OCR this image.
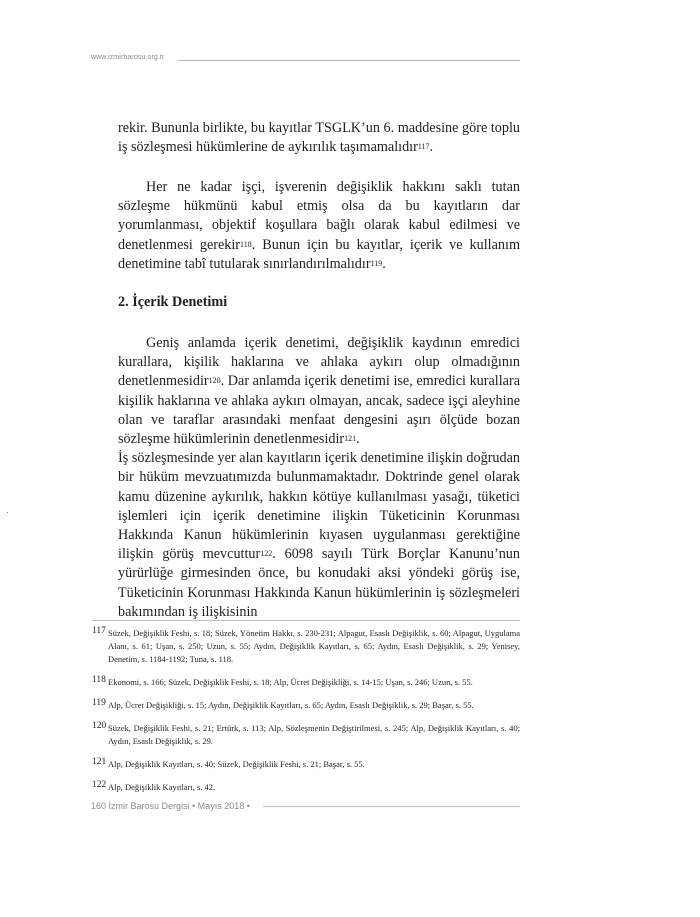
www.izmirbarosu.org.tr

rekir. Bununla birlikte, bu kayıtlar TSGLK’un 6. maddesine göre toplu iş sözleşmesi hükümlerine de aykırılık taşımamalıdır$^{117}$.

Her ne kadar işçi, işverenin değişiklik hakkını saklı tutan sözleşme hükmünü kabul etmiş olsa da bu kayıtların dar yorumlanması, objektif koşullara bağlı olarak kabul edilmesi ve denetlenmesi gerekir$^{118}$. Bunun için bu kayıtlar, içerik ve kullanım denetimine tabî tutularak sınırlandırılmalıdır$^{119}$.

2. İçerik Denetimi

Geniş anlamda içerik denetimi, değişiklik kaydının emredici kurallara, kişilik haklarına ve ahlaka aykırı olup olmadığının denetlenmesidir$^{120}$. Dar anlamda içerik denetimi ise, emredici kurallara kişilik haklarına ve ahlaka aykırı olmayan, ancak, sadece işçi aleyhine olan ve taraflar arasındaki menfaat dengesini aşırı ölçüde bozan sözleşme hükümlerinin denetlenmesidir$^{121}$.

İş sözleşmesinde yer alan kayıtların içerik denetimine ilişkin doğrudan bir hüküm mevzuatımızda bulunmamaktadır. Doktrinde genel olarak kamu düzenine aykırılık, hakkın kötüye kullanılması yasağı, tüketici işlemleri için içerik denetimine ilişkin Tüketicinin Korunması Hakkında Kanun hükümlerinin kıyasen uygulanması gerektiğine ilişkin görüş mevcuttur$^{122}$. 6098 sayılı Türk Borçlar Kanunu’nun yürürlüğe girmesinden önce, bu konudaki aksi yöndeki görüş ise, Tüketicinin Korunması Hakkında Kanun hükümlerinin iş sözleşmeleri bakımından iş ilişkisinin

117 Süzek, Değişiklik Feshi, s. 18; Süzek, Yönetim Hakkı, s. 230-231; Alpagut, Esaslı Değişiklik, s. 60; Alpagut, Uygulama Alanı, s. 61; Uşan, s. 250; Uzun, s. 55; Aydın, Değişiklik Kayıtları, s. 65; Aydın, Esaslı Değişiklik, s. 29; Yenisey, Denetim, s. 1184-1192; Tuna, s. 118.
118 Ekonomi, s. 166; Süzek, Değişiklik Feshi, s. 18; Alp, Ücret Değişikliği, s. 14-15; Uşan, s. 246; Uzun, s. 55.
119 Alp, Ücret Değişikliği, s. 15; Aydın, Değişiklik Kayıtları, s. 65; Aydın, Esaslı Değişiklik, s. 29; Başar, s. 55.
120 Süzek, Değişiklik Feshi, s. 21; Ertürk, s. 113; Alp, Sözleşmenin Değiştirilmesi, s. 245; Alp, Değişiklik Kayıtları, s. 40; Aydın, Esaslı Değişiklik, s. 29.
121 Alp, Değişiklik Kayıtları, s. 40; Süzek, Değişiklik Feshi, s. 21; Başar, s. 55.
122 Alp, Değişiklik Kayıtları, s. 42.
160 İzmir Barosu Dergisi • Mayıs 2018 •
